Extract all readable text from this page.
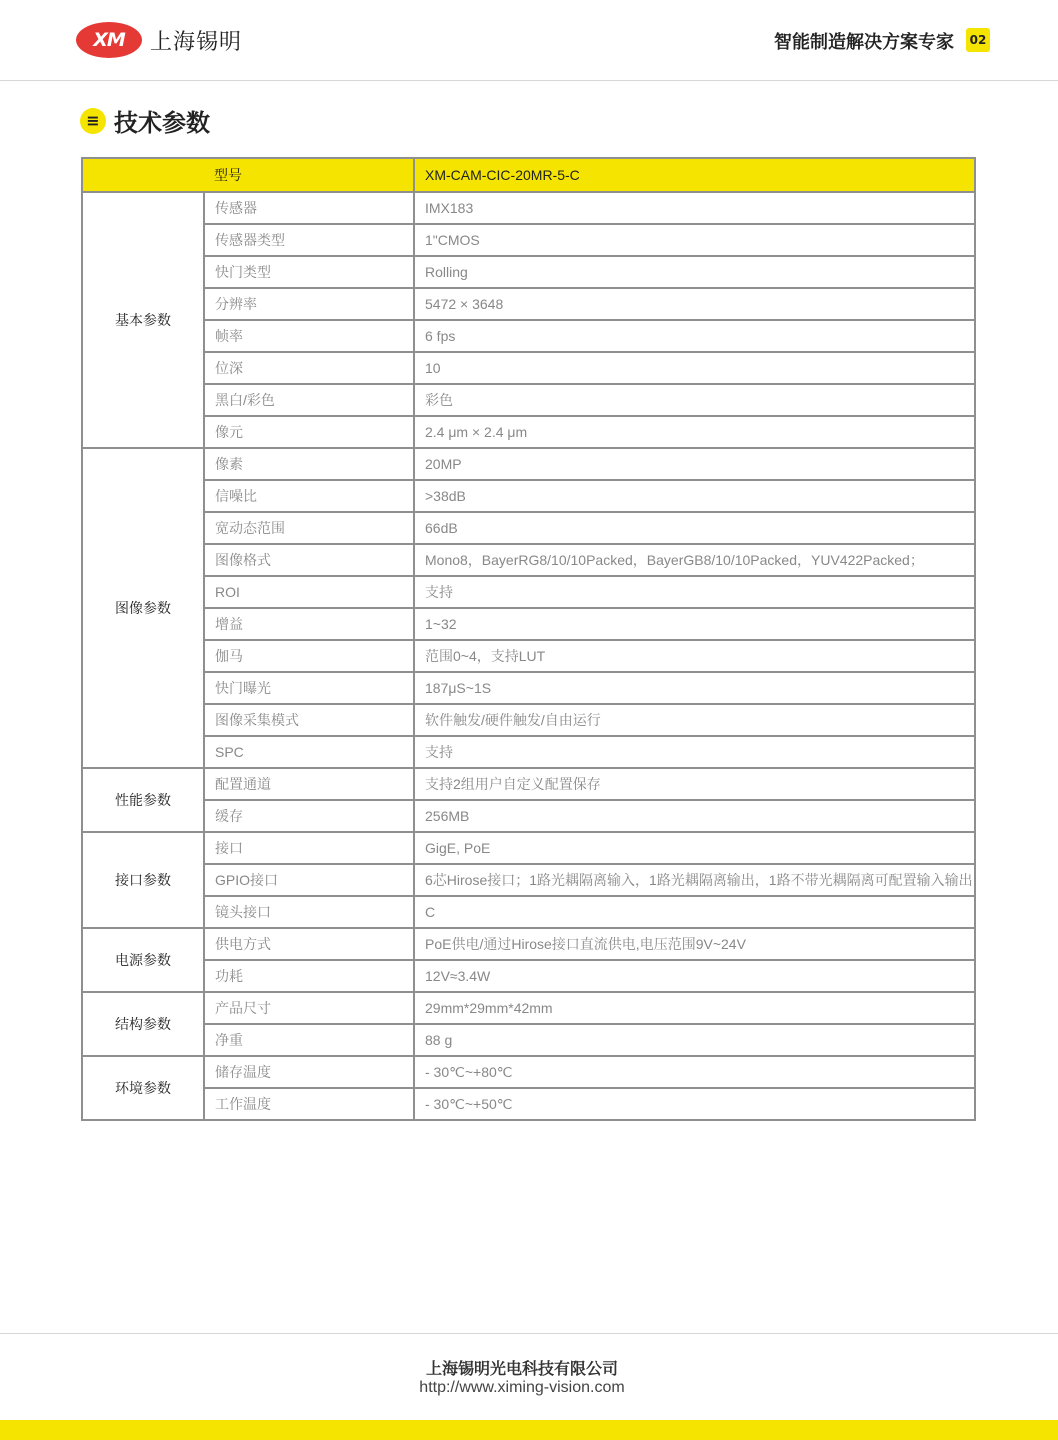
XM	上海锡明	智能制造解决方案专家	02
≡ 技术参数
型号		XM-CAM-CIC-20MR-5-C
基本参数	传感器	IMX183
	传感器类型	1"CMOS
	快门类型	Rolling
	分辨率	5472 × 3648
	帧率	6 fps
	位深	10
	黑白/彩色	彩色
	像元	2.4 μm × 2.4 μm
图像参数	像素	20MP
	信噪比	>38dB
	宽动态范围	66dB
	图像格式	Mono8，BayerRG8/10/10Packed，BayerGB8/10/10Packed，YUV422Packed；
	ROI	支持
	增益	1~32
	伽马	范围0~4，支持LUT
	快门曝光	187μS~1S
	图像采集模式	软件触发/硬件触发/自由运行
	SPC	支持
性能参数	配置通道	支持2组用户自定义配置保存
	缓存	256MB
接口参数	接口	GigE, PoE
	GPIO接口	6芯Hirose接口；1路光耦隔离输入，1路光耦隔离输出，1路不带光耦隔离可配置输入输出
	镜头接口	C
电源参数	供电方式	PoE供电/通过Hirose接口直流供电,电压范围9V~24V
	功耗	12V≈3.4W
结构参数	产品尺寸	29mm*29mm*42mm
	净重	88 g
环境参数	储存温度	- 30℃~+80℃
	工作温度	- 30℃~+50℃
上海锡明光电科技有限公司
http://www.ximing-vision.com
